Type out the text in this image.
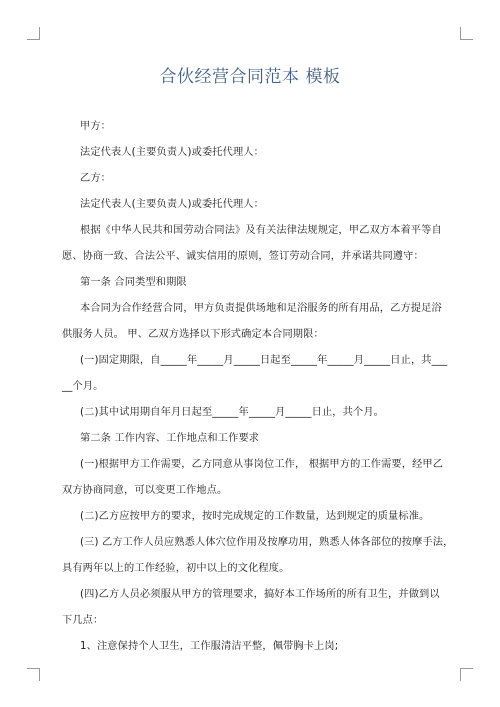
合伙经营合同范本 模板

甲方：

法定代表人(主要负责人)或委托代理人：

乙方：

法定代表人(主要负责人)或委托代理人：

根据《中华人民共和国劳动合同法》及有关法律法规规定，甲乙双方本着平等自

愿、协商一致、合法公平、诚实信用的原则，签订劳动合同，并承诺共同遵守：

第一条 合同类型和期限

本合同为合作经营合同，甲方负责提供场地和足浴服务的所有用品，乙方提足浴

供服务人员。 甲、乙双方选择以下形式确定本合同期限：

(一)固定期限，自_____年_____月_____日起至_____年_____月_____日止，共___

__个月。

(二)其中试用期自年月日起至_____年_____月_____日止，共个月。

第二条 工作内容、工作地点和工作要求

(一)根据甲方工作需要，乙方同意从事岗位工作， 根据甲方的工作需要，经甲乙

双方协商同意，可以变更工作地点。

(二)乙方应按甲方的要求，按时完成规定的工作数量，达到规定的质量标准。

(三) 乙方工作人员应熟悉人体穴位作用及按摩功用，熟悉人体各部位的按摩手法，

具有两年以上的工作经验，初中以上的文化程度。

(四)乙方人员必须服从甲方的管理要求，搞好本工作场所的所有卫生，并做到以

下几点：

1、注意保持个人卫生，工作服清洁平整，佩带胸卡上岗;
